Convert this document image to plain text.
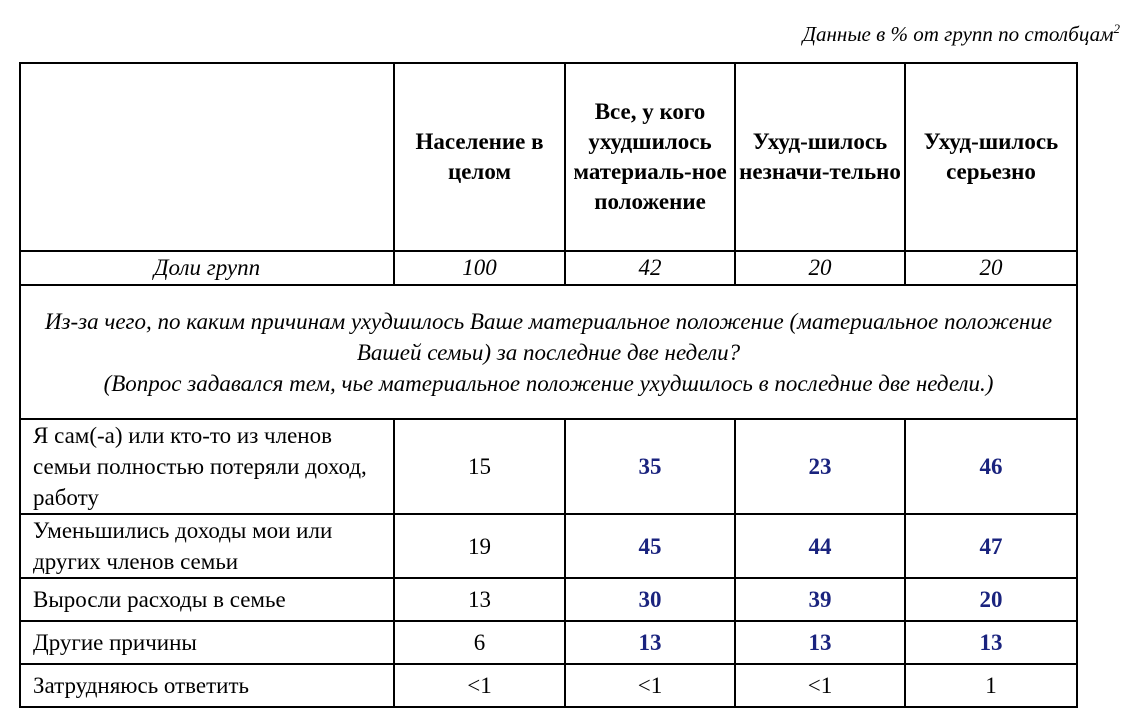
Данные в % от групп по столбцам$^2$
	Население в целом	Все, у кого ухудшилось материаль-ное положение	Ухуд-шилось незначи-тельно	Ухуд-шилось серьезно
Доли групп	100	42	20	20

Из-за чего, по каким причинам ухудшилось Ваше материальное положение (материальное положение Вашей семьи) за последние две недели?
(Вопрос задавался тем, чье материальное положение ухудшилось в последние две недели.)				

Я сам(-а) или кто-то из членов семьи полностью потеряли доход, работу	15	35	23	46
Уменьшились доходы мои или других членов семьи	19	45	44	47
Выросли расходы в семье	13	30	39	20
Другие причины	6	13	13	13
Затрудняюсь ответить	<1	<1	<1	1
